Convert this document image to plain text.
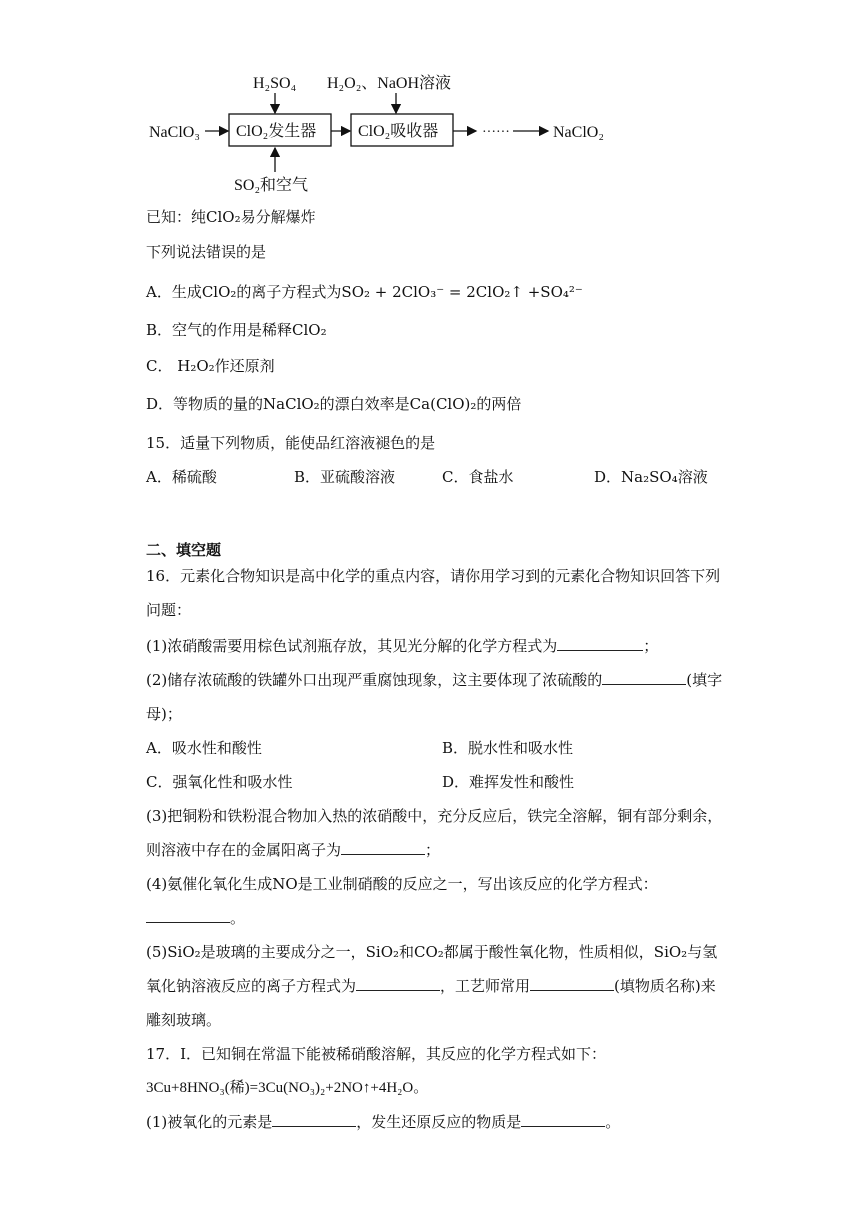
NaClO₃ ClO₂发生器	ClO₂吸收器	······	NaClO₂
H₂SO₄ H₂O₂、NaOH溶液
SO₂和空气
已知：纯ClO₂易分解爆炸
下列说法错误的是
A．生成ClO₂的离子方程式为SO₂ + 2ClO₃⁻ = 2ClO₂↑ +SO₄²⁻
B．空气的作用是稀释ClO₂
C． H₂O₂作还原剂
D．等物质的量的NaClO₂的漂白效率是Ca(ClO)₂的两倍
15．适量下列物质，能使品红溶液褪色的是
A．稀硫酸	B．亚硫酸溶液	C．食盐水	D．Na₂SO₄溶液
二、填空题
16．元素化合物知识是高中化学的重点内容，请你用学习到的元素化合物知识回答下列
问题：
(1)浓硝酸需要用棕色试剂瓶存放，其见光分解的化学方程式为	；
(2)储存浓硫酸的铁罐外口出现严重腐蚀现象，这主要体现了浓硫酸的	(填字
母)；
A．吸水性和酸性	B．脱水性和吸水性
C．强氧化性和吸水性	D．难挥发性和酸性
(3)把铜粉和铁粉混合物加入热的浓硝酸中，充分反应后，铁完全溶解，铜有部分剩余，
则溶液中存在的金属阳离子为	；
(4)氨催化氧化生成NO是工业制硝酸的反应之一，写出该反应的化学方程式：
。
(5)SiO₂是玻璃的主要成分之一，SiO₂和CO₂都属于酸性氧化物，性质相似，SiO₂与氢
氧化钠溶液反应的离子方程式为	，工艺师常用	(填物质名称)来
雕刻玻璃。
17．I．已知铜在常温下能被稀硝酸溶解，其反应的化学方程式如下：
3Cu+8HNO₃(稀)=3Cu(NO₃)₂+2NO↑+4H₂O。
(1)被氧化的元素是	，发生还原反应的物质是	。
